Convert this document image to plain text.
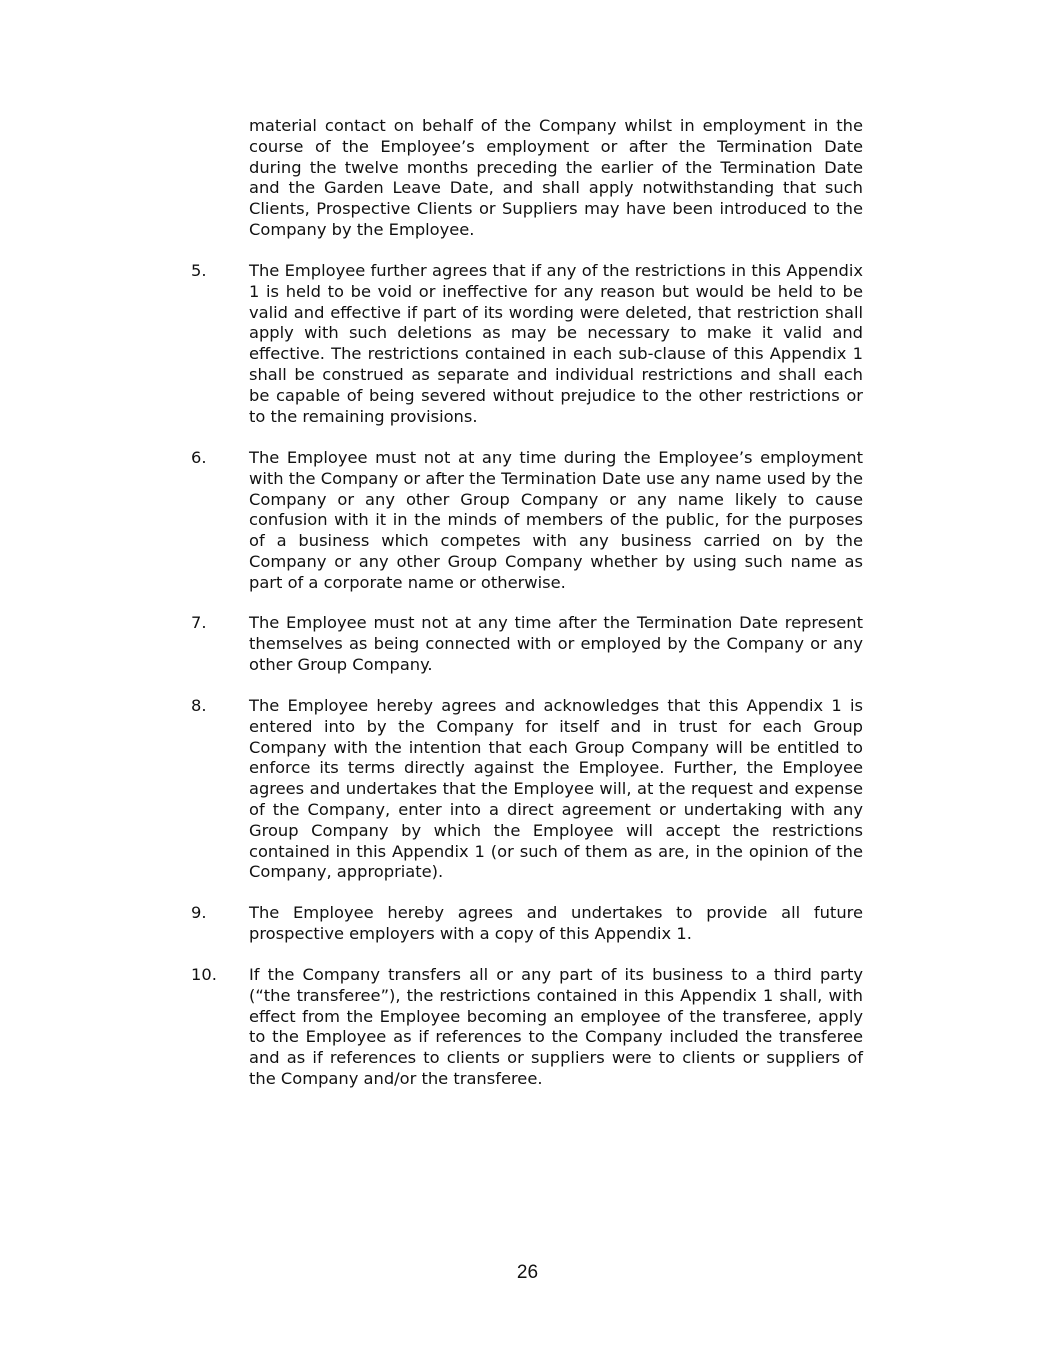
material contact on behalf of the Company whilst in employment in the course of the Employee’s employment or after the Termination Date during the twelve months preceding the earlier of the Termination Date and the Garden Leave Date, and shall apply notwithstanding that such Clients, Prospective Clients or Suppliers may have been introduced to the Company by the Employee.

5.	The Employee further agrees that if any of the restrictions in this Appendix 1 is held to be void or ineffective for any reason but would be held to be valid and effective if part of its wording were deleted, that restriction shall apply with such deletions as may be necessary to make it valid and effective. The restrictions contained in each sub-clause of this Appendix 1 shall be construed as separate and individual restrictions and shall each be capable of being severed without prejudice to the other restrictions or to the remaining provisions.

6.	The Employee must not at any time during the Employee’s employment with the Company or after the Termination Date use any name used by the Company or any other Group Company or any name likely to cause confusion with it in the minds of members of the public, for the purposes of a business which competes with any business carried on by the Company or any other Group Company whether by using such name as part of a corporate name or otherwise.

7.	The Employee must not at any time after the Termination Date represent themselves as being connected with or employed by the Company or any other Group Company.

8.	The Employee hereby agrees and acknowledges that this Appendix 1 is entered into by the Company for itself and in trust for each Group Company with the intention that each Group Company will be entitled to enforce its terms directly against the Employee. Further, the Employee agrees and undertakes that the Employee will, at the request and expense of the Company, enter into a direct agreement or undertaking with any Group Company by which the Employee will accept the restrictions contained in this Appendix 1 (or such of them as are, in the opinion of the Company, appropriate).

9.	The Employee hereby agrees and undertakes to provide all future prospective employers with a copy of this Appendix 1.

10. If the Company transfers all or any part of its business to a third party (“the transferee”), the restrictions contained in this Appendix 1 shall, with effect from the Employee becoming an employee of the transferee, apply to the Employee as if references to the Company included the transferee and as if references to clients or suppliers were to clients or suppliers of the Company and/or the transferee.

26
